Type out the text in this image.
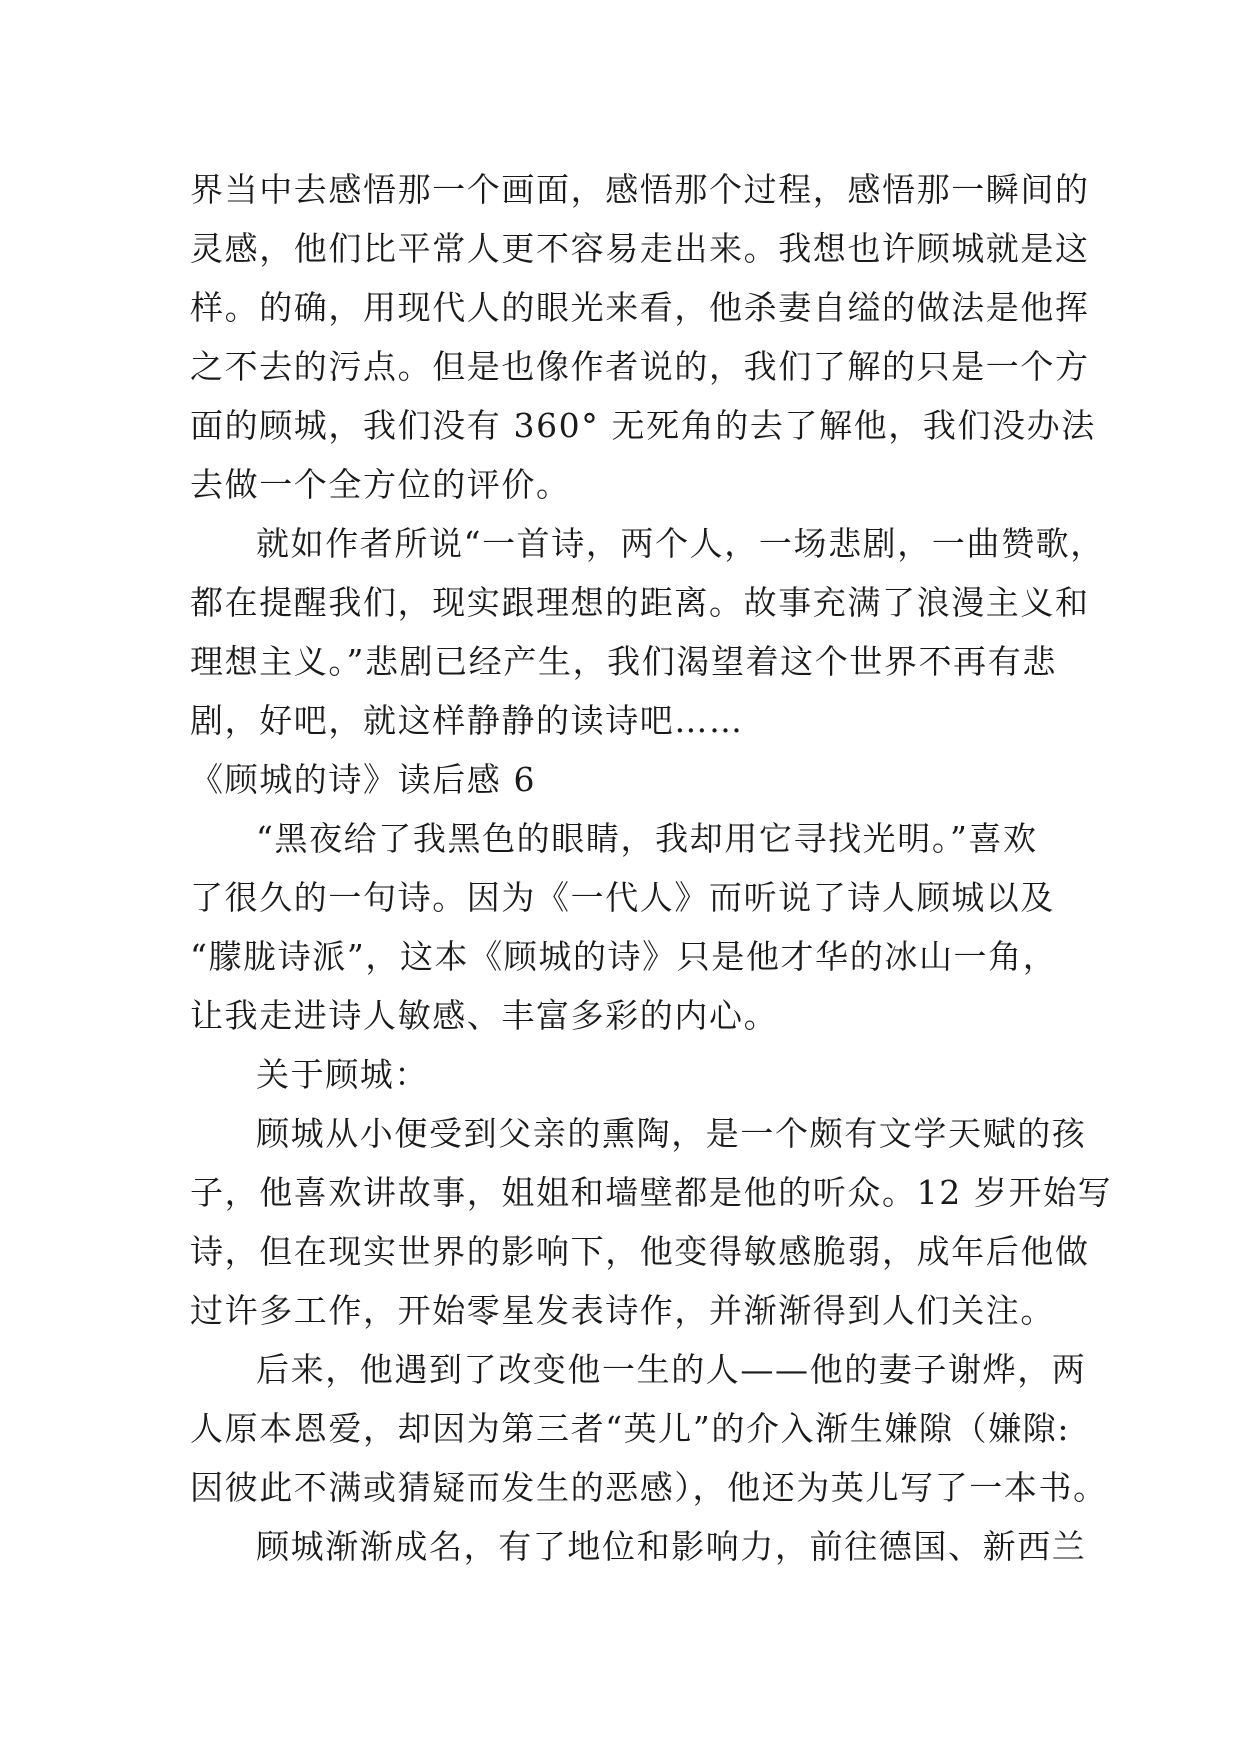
界当中去感悟那一个画面，感悟那个过程，感悟那一瞬间的
灵感，他们比平常人更不容易走出来。我想也许顾城就是这
样。的确，用现代人的眼光来看，他杀妻自缢的做法是他挥
之不去的污点。但是也像作者说的，我们了解的只是一个方
面的顾城，我们没有 360° 无死角的去了解他，我们没办法
去做一个全方位的评价。
就如作者所说“一首诗，两个人，一场悲剧，一曲赞歌，
都在提醒我们，现实跟理想的距离。故事充满了浪漫主义和
理想主义。”悲剧已经产生，我们渴望着这个世界不再有悲
剧，好吧，就这样静静的读诗吧……
《顾城的诗》读后感 6
“黑夜给了我黑色的眼睛，我却用它寻找光明。”喜欢
了很久的一句诗。因为《一代人》而听说了诗人顾城以及
“朦胧诗派”，这本《顾城的诗》只是他才华的冰山一角，
让我走进诗人敏感、丰富多彩的内心。
关于顾城：
顾城从小便受到父亲的熏陶，是一个颇有文学天赋的孩
子，他喜欢讲故事，姐姐和墙壁都是他的听众。12 岁开始写
诗，但在现实世界的影响下，他变得敏感脆弱，成年后他做
过许多工作，开始零星发表诗作，并渐渐得到人们关注。
后来，他遇到了改变他一生的人——他的妻子谢烨，两
人原本恩爱，却因为第三者“英儿”的介入渐生嫌隙（嫌隙:
因彼此不满或猜疑而发生的恶感），他还为英儿写了一本书。
顾城渐渐成名，有了地位和影响力，前往德国、新西兰
